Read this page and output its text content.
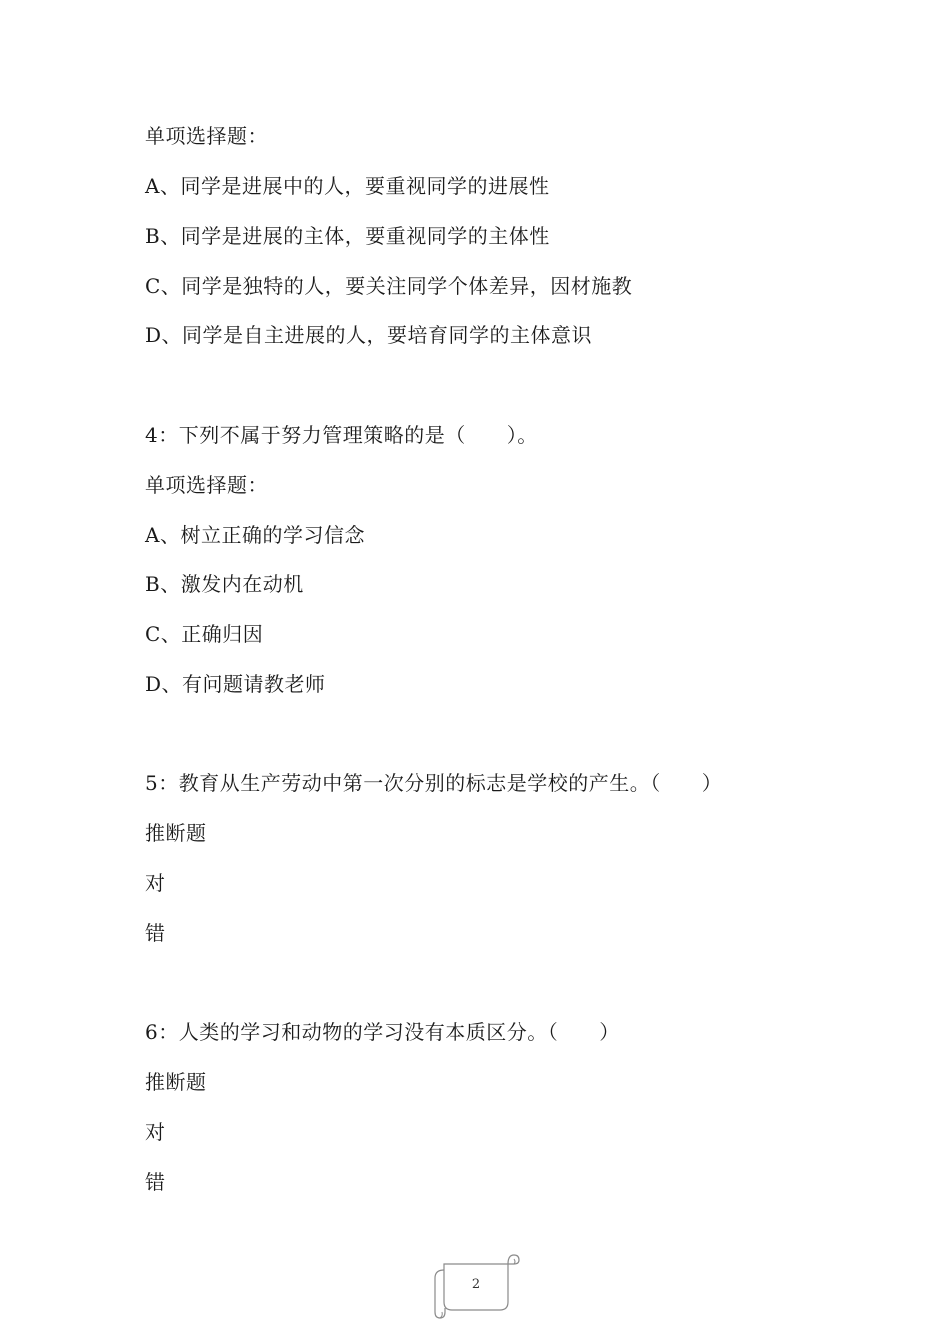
单项选择题：
A、同学是进展中的人，要重视同学的进展性
B、同学是进展的主体，要重视同学的主体性
C、同学是独特的人，要关注同学个体差异，因材施教
D、同学是自主进展的人，要培育同学的主体意识
4：下列不属于努力管理策略的是（　　）。
单项选择题：
A、树立正确的学习信念
B、激发内在动机
C、正确归因
D、有问题请教老师
5：教育从生产劳动中第一次分别的标志是学校的产生。（　　）
推断题
对
错
6：人类的学习和动物的学习没有本质区分。（　　）
推断题
对
错
2
